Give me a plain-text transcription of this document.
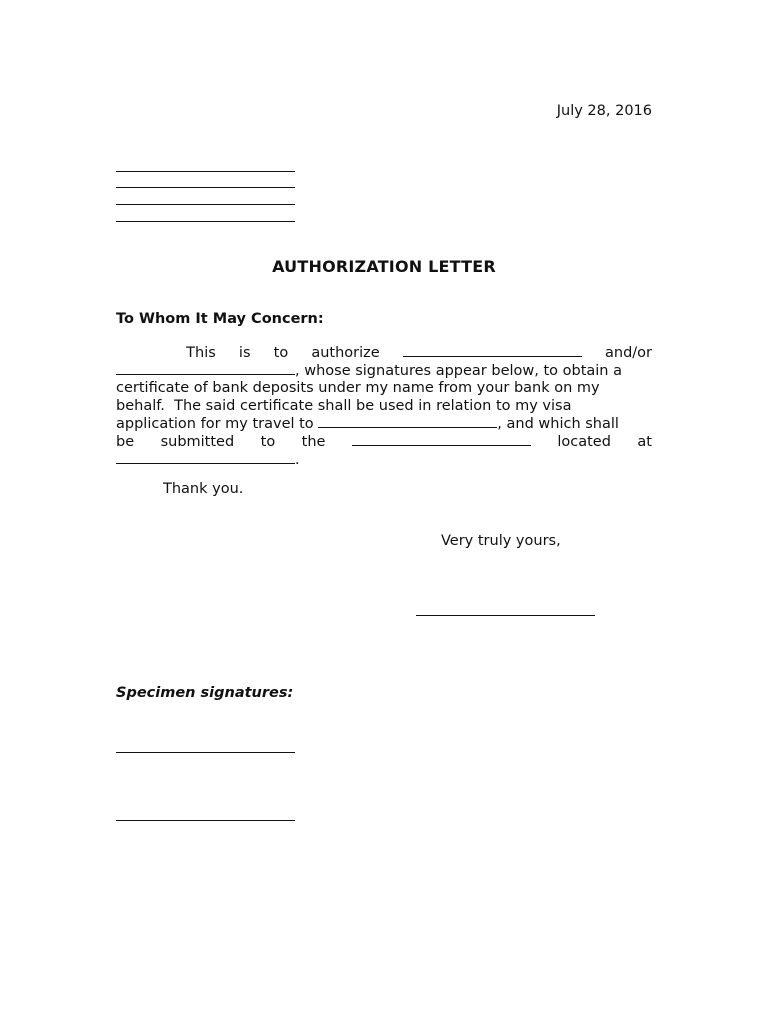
July 28, 2016
AUTHORIZATION LETTER
To Whom It May Concern:
This is to authorize	and/or
, whose signatures appear below, to obtain a
certificate of bank deposits under my name from your bank on my
behalf.  The said certificate shall be used in relation to my visa
application for my travel to	, and which shall
be submitted to the	located at
.
Thank you.
Very truly yours,
Specimen signatures:
